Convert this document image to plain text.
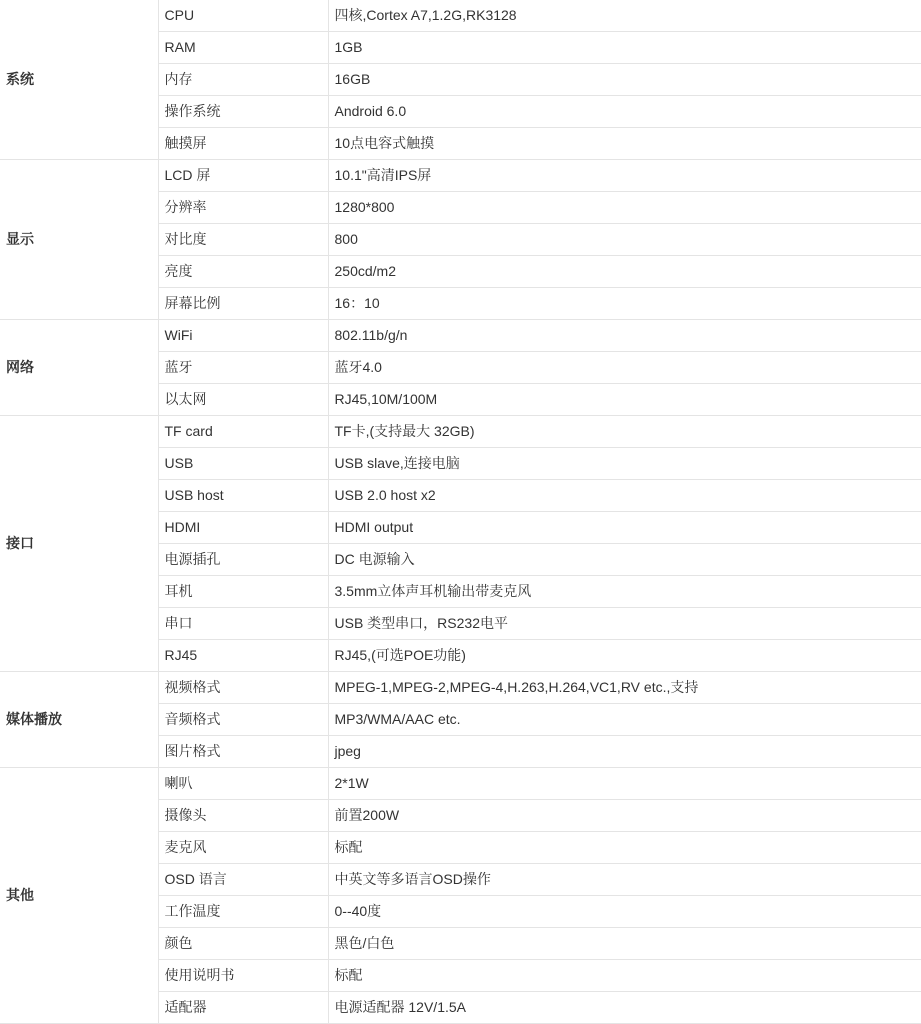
系统	CPU	四核,Cortex A7,1.2G,RK3128
	RAM	1GB
	内存	16GB
	操作系统	Android 6.0
	触摸屏	10点电容式触摸
显示	LCD 屏	10.1"高清IPS屏
	分辨率	1280*800
	对比度	800
	亮度	250cd/m2
	屏幕比例	16：10
网络	WiFi	802.11b/g/n
	蓝牙	蓝牙4.0
	以太网	RJ45,10M/100M
接口	TF card	TF卡,(支持最大 32GB)
	USB	USB slave,连接电脑
	USB host	USB 2.0 host x2
	HDMI	HDMI output
	电源插孔	DC 电源输入
	耳机	3.5mm立体声耳机输出带麦克风
	串口	USB 类型串口，RS232电平
	RJ45	RJ45,(可选POE功能)
媒体播放	视频格式	MPEG-1,MPEG-2,MPEG-4,H.263,H.264,VC1,RV etc.,支持
	音频格式	MP3/WMA/AAC etc.
	图片格式	jpeg
其他	喇叭	2*1W
	摄像头	前置200W
	麦克风	标配
	OSD 语言	中英文等多语言OSD操作
	工作温度	0--40度
	颜色	黑色/白色
	使用说明书	标配
	适配器	电源适配器 12V/1.5A
